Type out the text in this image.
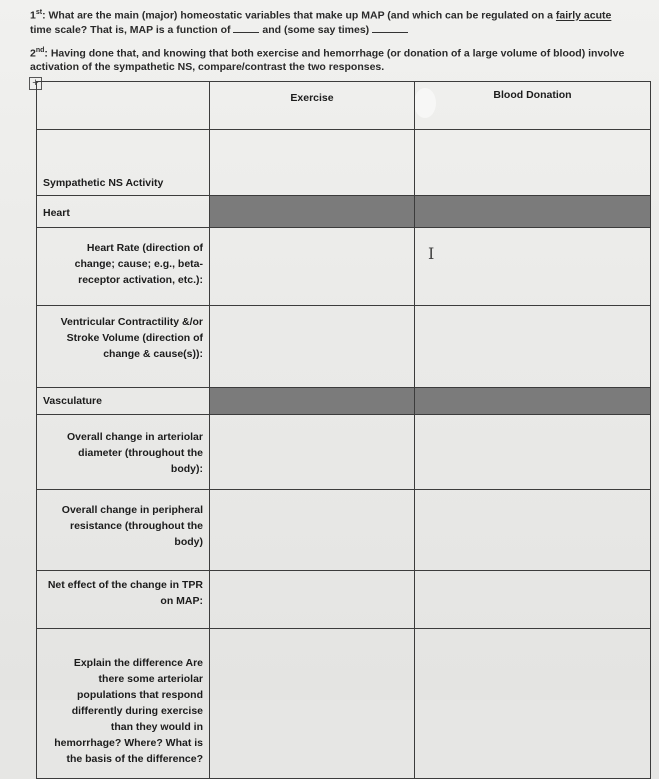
1st: What are the main (major) homeostatic variables that make up MAP (and which can be regulated on a fairly acute
time scale? That is, MAP is a function of	and (some say times)
2nd: Having done that, and knowing that both exercise and hemorrhage (or donation of a large volume of blood) involve activation of the sympathetic NS, compare/contrast the two responses.
+
	Exercise	Blood Donation
Sympathetic NS Activity		
Heart		
Heart Rate (direction of change; cause; e.g., beta-receptor activation, etc.):		
Ventricular Contractility &/or Stroke Volume (direction of change & cause(s)):		
Vasculature		
Overall change in arteriolar diameter (throughout the body):		
Overall change in peripheral resistance (throughout the body)		
Net effect of the change in TPR on MAP:		
Explain the difference Are there some arteriolar populations that respond differently during exercise than they would in hemorrhage? Where? What is the basis of the difference?		
I
